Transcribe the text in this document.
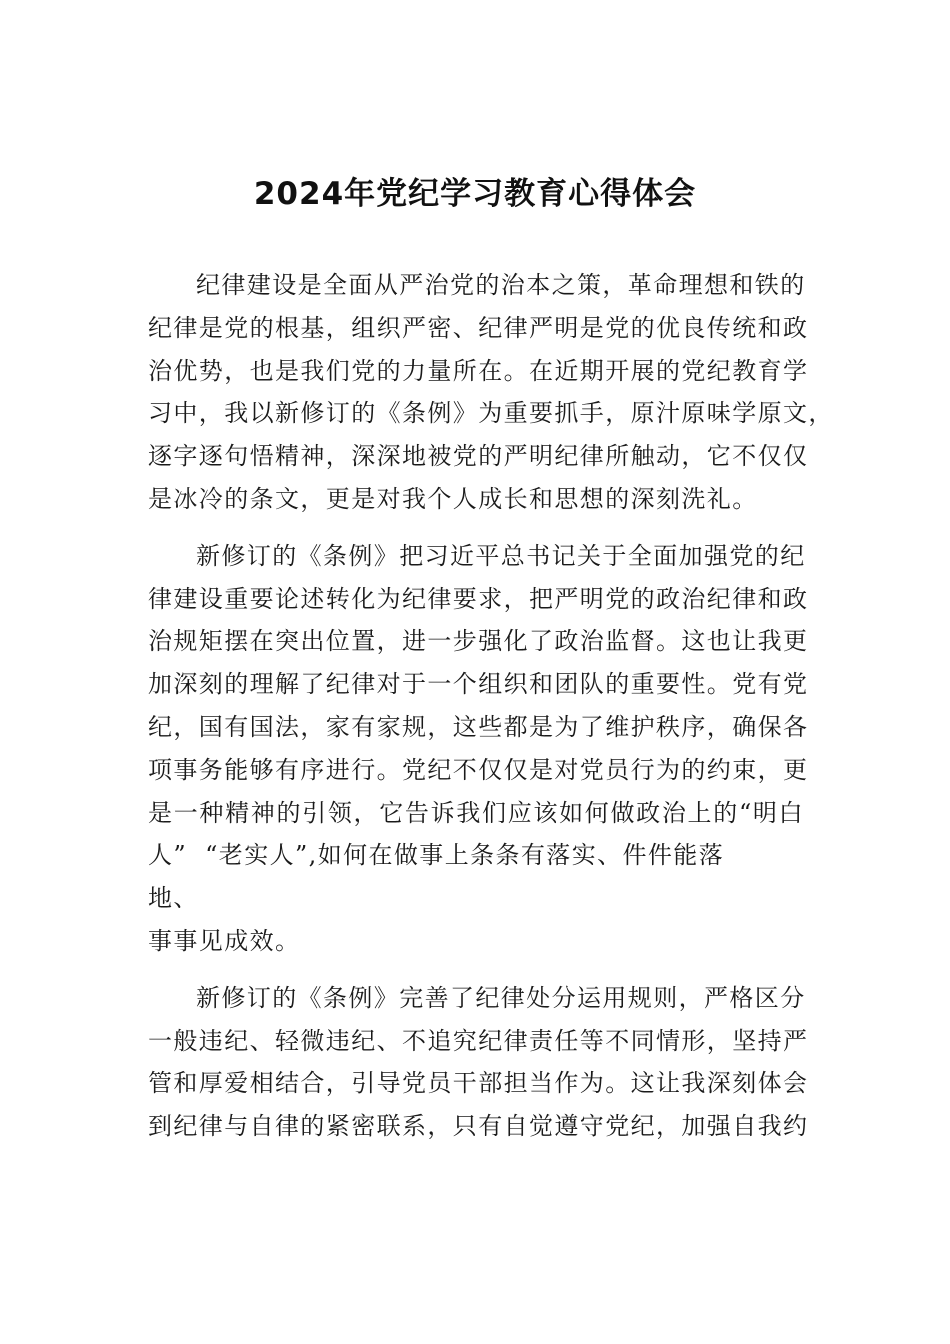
2024年党纪学习教育心得体会
纪律建设是全面从严治党的治本之策，革命理想和铁的
纪律是党的根基，组织严密、纪律严明是党的优良传统和政
治优势，也是我们党的力量所在。在近期开展的党纪教育学
习中，我以新修订的《条例》为重要抓手，原汁原味学原文，
逐字逐句悟精神，深深地被党的严明纪律所触动，它不仅仅
是冰冷的条文，更是对我个人成长和思想的深刻洗礼。
新修订的《条例》把习近平总书记关于全面加强党的纪
律建设重要论述转化为纪律要求，把严明党的政治纪律和政
治规矩摆在突出位置，进一步强化了政治监督。这也让我更
加深刻的理解了纪律对于一个组织和团队的重要性。党有党
纪，国有国法，家有家规，这些都是为了维护秩序，确保各
项事务能够有序进行。党纪不仅仅是对党员行为的约束，更
是一种精神的引领，它告诉我们应该如何做政治上的“明白
人”  “老实人”,如何在做事上条条有落实、件件能落
地、
事事见成效。
新修订的《条例》完善了纪律处分运用规则，严格区分
一般违纪、轻微违纪、不追究纪律责任等不同情形，坚持严
管和厚爱相结合，引导党员干部担当作为。这让我深刻体会
到纪律与自律的紧密联系，只有自觉遵守党纪，加强自我约
